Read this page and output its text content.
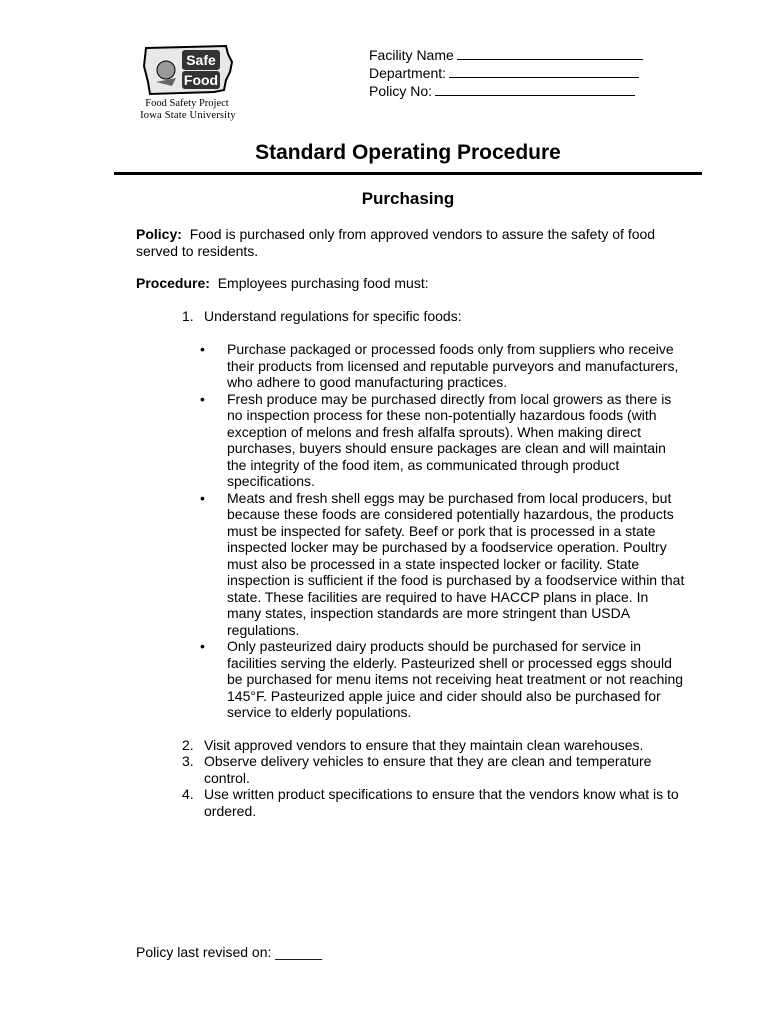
Safe
Food
Food Safety Project
Iowa State University
Facility Name
Department:
Policy No:
Standard Operating Procedure
Purchasing
Policy: Food is purchased only from approved vendors to assure the safety of food served to residents.
Procedure: Employees purchasing food must:
1. Understand regulations for specific foods:
• Purchase packaged or processed foods only from suppliers who receive
their products from licensed and reputable purveyors and manufacturers,
who adhere to good manufacturing practices.
• Fresh produce may be purchased directly from local growers as there is
no inspection process for these non-potentially hazardous foods (with
exception of melons and fresh alfalfa sprouts). When making direct
purchases, buyers should ensure packages are clean and will maintain
the integrity of the food item, as communicated through product
specifications.
• Meats and fresh shell eggs may be purchased from local producers, but
because these foods are considered potentially hazardous, the products
must be inspected for safety. Beef or pork that is processed in a state
inspected locker may be purchased by a foodservice operation. Poultry
must also be processed in a state inspected locker or facility. State
inspection is sufficient if the food is purchased by a foodservice within that
state. These facilities are required to have HACCP plans in place. In
many states, inspection standards are more stringent than USDA
regulations.
• Only pasteurized dairy products should be purchased for service in
facilities serving the elderly. Pasteurized shell or processed eggs should
be purchased for menu items not receiving heat treatment or not reaching
145°F. Pasteurized apple juice and cider should also be purchased for
service to elderly populations.
2. Visit approved vendors to ensure that they maintain clean warehouses.
3. Observe delivery vehicles to ensure that they are clean and temperature
control.
4. Use written product specifications to ensure that the vendors know what is to
ordered.
Policy last revised on: ______
